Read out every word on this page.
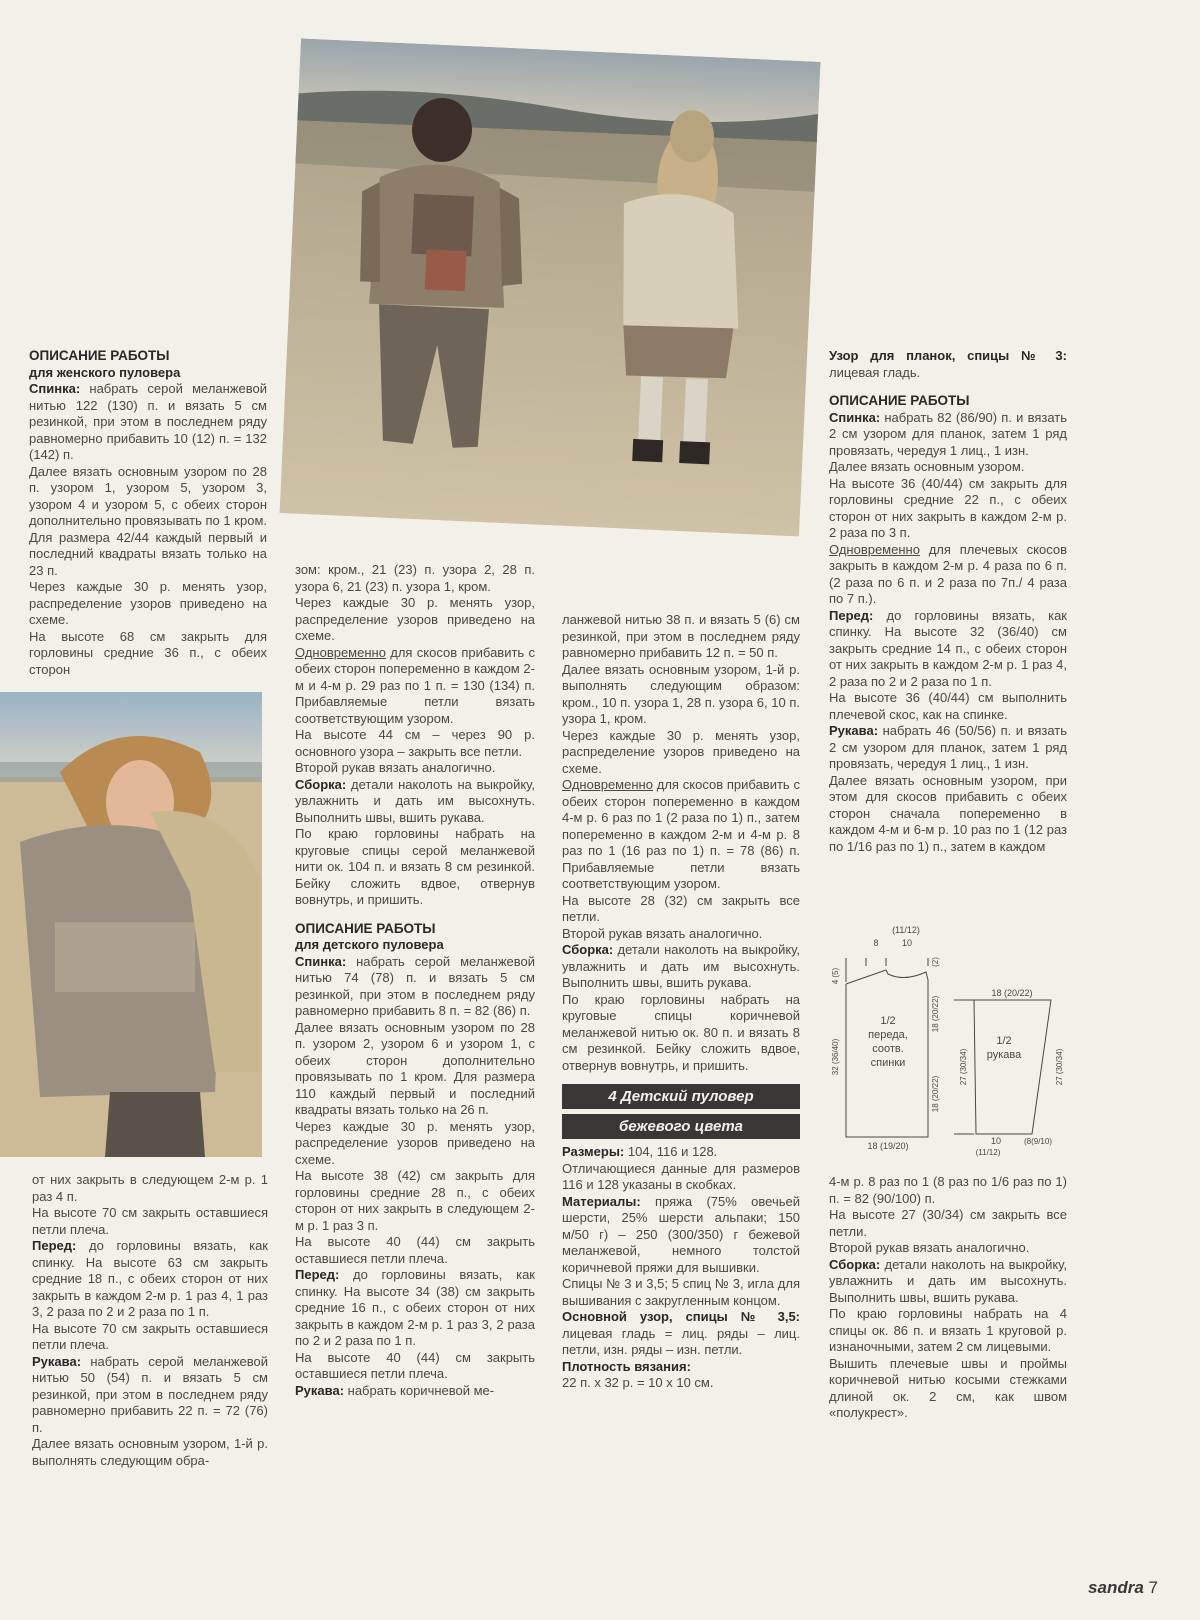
ОПИСАНИЕ РАБОТЫ

для женского пуловера

Спинка: набрать серой меланжевой нитью 122 (130) п. и вязать 5 см резинкой, при этом в последнем ряду равномерно прибавить 10 (12) п. = 132 (142) п.

Далее вязать основным узором по 28 п. узором 1, узором 5, узором 3, узором 4 и узором 5, с обеих сторон дополнительно провязывать по 1 кром. Для размера 42/44 каждый первый и последний квадраты вязать только на 23 п.

Через каждые 30 р. менять узор, распределение узоров приведено на схеме.

На высоте 68 см закрыть для горловины средние 36 п., с обеих сторон

от них закрыть в следующем 2-м р. 1 раз 4 п.

На высоте 70 см закрыть оставшиеся петли плеча.

Перед: до горловины вязать, как спинку. На высоте 63 см закрыть средние 18 п., с обеих сторон от них закрыть в каждом 2-м р. 1 раз 4, 1 раз 3, 2 раза по 2 и 2 раза по 1 п.

На высоте 70 см закрыть оставшиеся петли плеча.

Рукава: набрать серой меланжевой нитью 50 (54) п. и вязать 5 см резинкой, при этом в последнем ряду равномерно прибавить 22 п. = 72 (76) п.

Далее вязать основным узором, 1-й р. выполнять следующим обра-

зом: кром., 21 (23) п. узора 2, 28 п. узора 6, 21 (23) п. узора 1, кром.

Через каждые 30 р. менять узор, распределение узоров приведено на схеме.

Одновременно для скосов прибавить с обеих сторон попеременно в каждом 2-м и 4-м р. 29 раз по 1 п. = 130 (134) п. Прибавляемые петли вязать соответствующим узором.

На высоте 44 см – через 90 р. основного узора – закрыть все петли.

Второй рукав вязать аналогично.

Сборка: детали наколоть на выкройку, увлажнить и дать им высохнуть. Выполнить швы, вшить рукава.

По краю горловины набрать на круговые спицы серой меланжевой нити ок. 104 п. и вязать 8 см резинкой. Бейку сложить вдвое, отвернув вовнутрь, и пришить.

ОПИСАНИЕ РАБОТЫ

для детского пуловера

Спинка: набрать серой меланжевой нитью 74 (78) п. и вязать 5 см резинкой, при этом в последнем ряду равномерно прибавить 8 п. = 82 (86) п.

Далее вязать основным узором по 28 п. узором 2, узором 6 и узором 1, с обеих сторон дополнительно провязывать по 1 кром. Для размера 110 каждый первый и последний квадраты вязать только на 26 п.

Через каждые 30 р. менять узор, распределение узоров приведено на схеме.

На высоте 38 (42) см закрыть для горловины средние 28 п., с обеих сторон от них закрыть в следующем 2-м р. 1 раз 3 п.

На высоте 40 (44) см закрыть оставшиеся петли плеча.

Перед: до горловины вязать, как спинку. На высоте 34 (38) см закрыть средние 16 п., с обеих сторон от них закрыть в каждом 2-м р. 1 раз 3, 2 раза по 2 и 2 раза по 1 п.

На высоте 40 (44) см закрыть оставшиеся петли плеча.

Рукава: набрать коричневой ме-

ланжевой нитью 38 п. и вязать 5 (6) см резинкой, при этом в последнем ряду равномерно прибавить 12 п. = 50 п.

Далее вязать основным узором, 1-й р. выполнять следующим образом: кром., 10 п. узора 1, 28 п. узора 6, 10 п. узора 1, кром.

Через каждые 30 р. менять узор, распределение узоров приведено на схеме.

Одновременно для скосов прибавить с обеих сторон попеременно в каждом 4-м р. 6 раз по 1 (2 раза по 1) п., затем попеременно в каждом 2-м и 4-м р. 8 раз по 1 (16 раз по 1) п. = 78 (86) п. Прибавляемые петли вязать соответствующим узором.

На высоте 28 (32) см закрыть все петли.

Второй рукав вязать аналогично.

Сборка: детали наколоть на выкройку, увлажнить и дать им высохнуть. Выполнить швы, вшить рукава.

По краю горловины набрать на круговые спицы коричневой меланжевой нитью ок. 80 п. и вязать 8 см резинкой. Бейку сложить вдвое, отвернув вовнутрь, и пришить.

4 Детский пуловер
бежевого цвета

Размеры: 104, 116 и 128.

Отличающиеся данные для размеров 116 и 128 указаны в скобках.

Материалы: пряжа (75% овечьей шерсти, 25% шерсти альпаки; 150 м/50 г) – 250 (300/350) г бежевой меланжевой, немного толстой коричневой пряжи для вышивки.

Спицы № 3 и 3,5; 5 спиц № 3, игла для вышивания с закругленным концом.

Основной узор, спицы № 3,5: лицевая гладь = лиц. ряды – лиц. петли, изн. ряды – изн. петли.

Плотность вязания:

22 п. х 32 р. = 10 х 10 см.

Узор для планок, спицы № 3: лицевая гладь.

ОПИСАНИЕ РАБОТЫ

Спинка: набрать 82 (86/90) п. и вязать 2 см узором для планок, затем 1 ряд провязать, чередуя 1 лиц., 1 изн.

Далее вязать основным узором.

На высоте 36 (40/44) см закрыть для горловины средние 22 п., с обеих сторон от них закрыть в каждом 2-м р. 2 раза по 3 п.

Одновременно для плечевых скосов закрыть в каждом 2-м р. 4 раза по 6 п. (2 раза по 6 п. и 2 раза по 7п./ 4 раза по 7 п.).

Перед: до горловины вязать, как спинку. На высоте 32 (36/40) см закрыть средние 14 п., с обеих сторон от них закрыть в каждом 2-м р. 1 раз 4, 2 раза по 2 и 2 раза по 1 п.

На высоте 36 (40/44) см выполнить плечевой скос, как на спинке.

Рукава: набрать 46 (50/56) п. и вязать 2 см узором для планок, затем 1 ряд провязать, чередуя 1 лиц., 1 изн.

Далее вязать основным узором, при этом для скосов прибавить с обеих сторон сначала попеременно в каждом 4-м и 6-м р. 10 раз по 1 (12 раз по 1/16 раз по 1) п., затем в каждом

(11/12)
8	10
4 (5)
(2)
32 (36/40)
18 (20/22)
18 (20/22)
1/2
переда,
соотв.
спинки
18 (19/20)
18 (20/22)
1/2
рукава
27 (30/34)	27 (30/34)
10
(11/12)
(8(9/10)

4-м р. 8 раз по 1 (8 раз по 1/6 раз по 1) п. = 82 (90/100) п.

На высоте 27 (30/34) см закрыть все петли.

Второй рукав вязать аналогично.

Сборка: детали наколоть на выкройку, увлажнить и дать им высохнуть. Выполнить швы, вшить рукава.

По краю горловины набрать на 4 спицы ок. 86 п. и вязать 1 круговой р. изнаночными, затем 2 см лицевыми.

Вышить плечевые швы и проймы коричневой нитью косыми стежками длиной ок. 2 см, как швом «полукрест».

sandra 7
